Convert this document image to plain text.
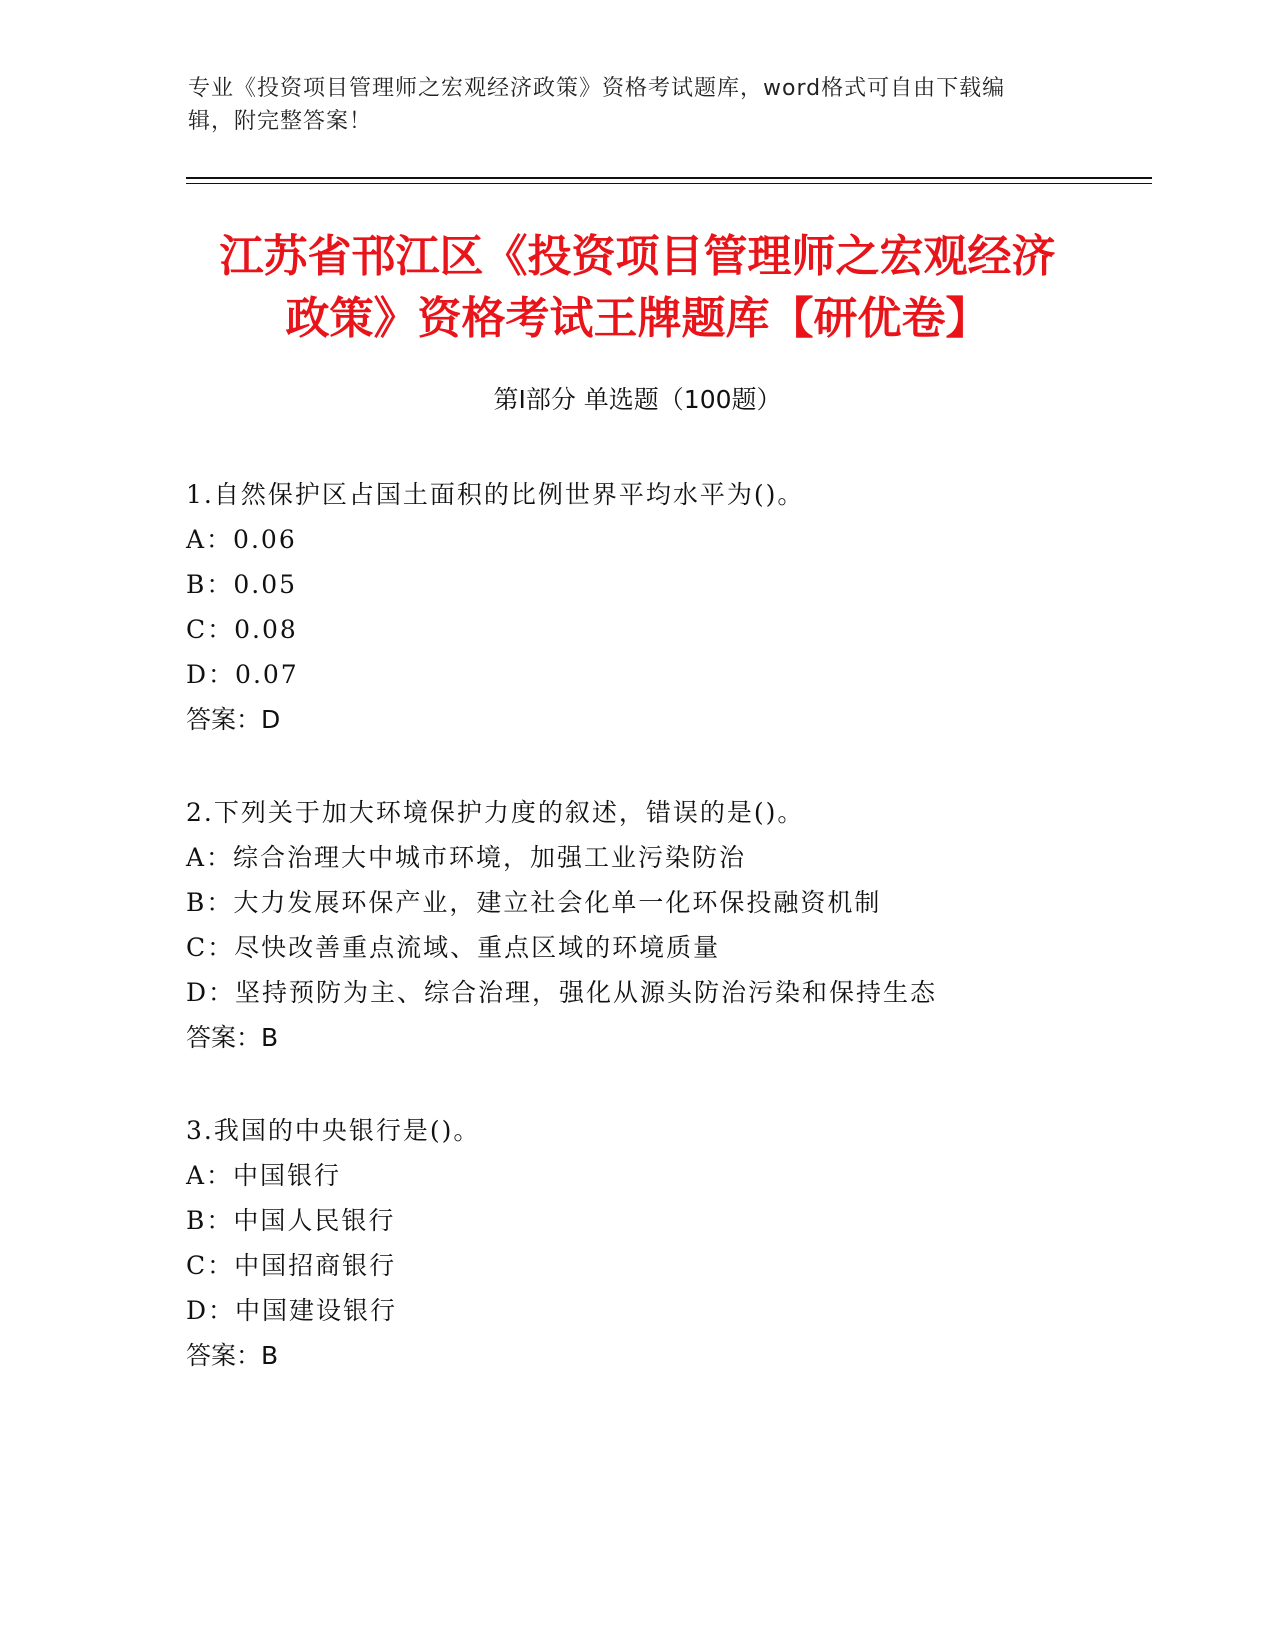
专业《投资项目管理师之宏观经济政策》资格考试题库，word格式可自由下载编
辑，附完整答案！
江苏省邗江区《投资项目管理师之宏观经济
政策》资格考试王牌题库【研优卷】
第Ⅰ部分 单选题（100题）
1.自然保护区占国土面积的比例世界平均水平为()。
A：0.06
B：0.05
C：0.08
D：0.07
答案：D
2.下列关于加大环境保护力度的叙述，错误的是()。
A：综合治理大中城市环境，加强工业污染防治
B：大力发展环保产业，建立社会化单一化环保投融资机制
C：尽快改善重点流域、重点区域的环境质量
D：坚持预防为主、综合治理，强化从源头防治污染和保持生态
答案：B
3.我国的中央银行是()。
A：中国银行
B：中国人民银行
C：中国招商银行
D：中国建设银行
答案：B
